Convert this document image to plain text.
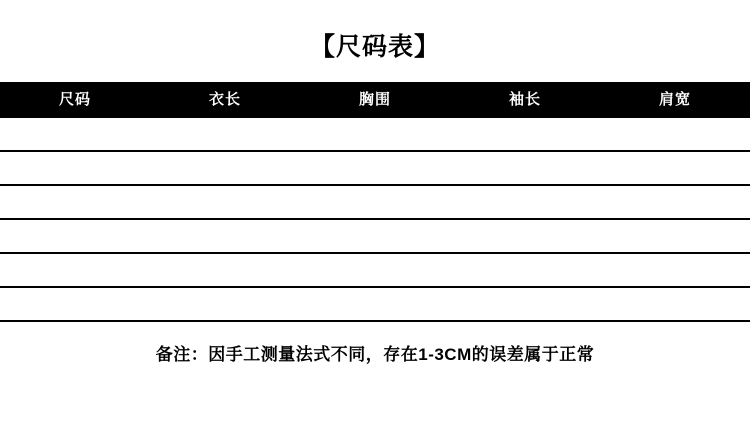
【尺码表】
尺码	衣长	胸围	袖长	肩宽
备注：因手工测量法式不同，存在1-3CM的误差属于正常
